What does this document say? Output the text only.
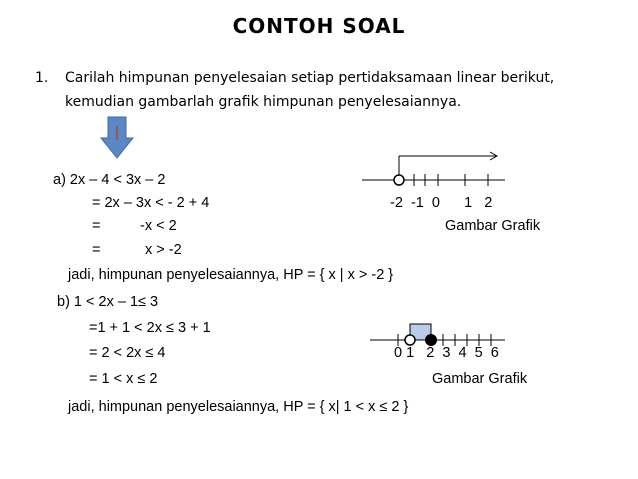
CONTOH SOAL
1. Carilah himpunan penyelesaian setiap pertidaksamaan linear berikut,
kemudian gambarlah grafik himpunan penyelesaiannya.
a) 2x – 4 < 3x – 2
= 2x – 3x < - 2 + 4
=	-x < 2
=	x > -2
jadi, himpunan penyelesaiannya, HP = { x | x > -2 }
-2  -1  0      1   2
Gambar Grafik
b) 1 < 2x – 1≤ 3
=1 + 1 < 2x ≤ 3 + 1
= 2 < 2x ≤ 4
= 1 < x ≤ 2
jadi, himpunan penyelesaiannya, HP = { x| 1 < x ≤ 2 }
0 1   2  3  4  5  6
Gambar Grafik
